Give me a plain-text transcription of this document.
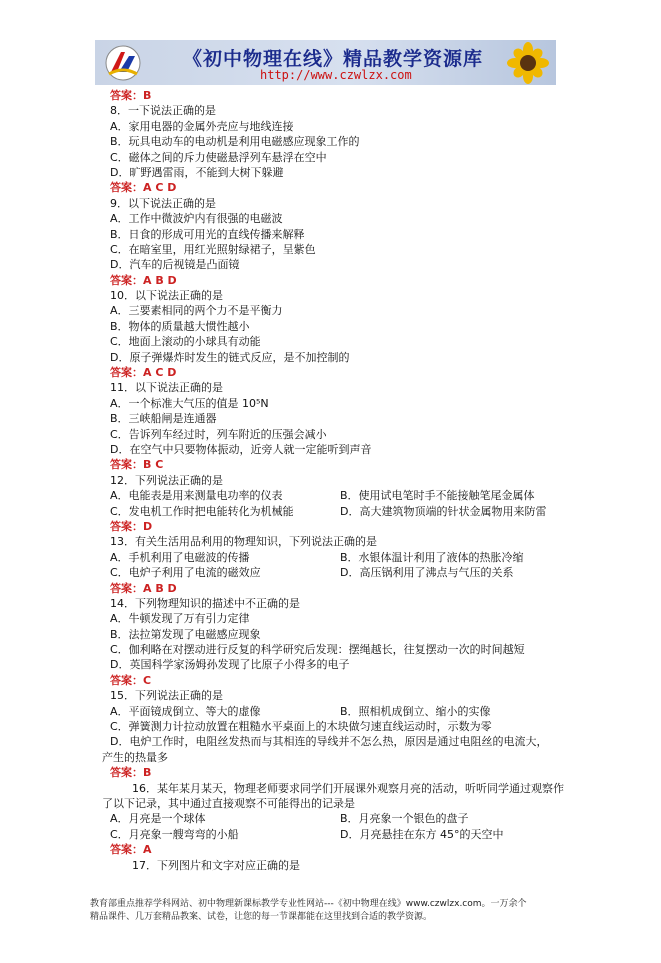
《初中物理在线》精品教学资源库
http://www.czwlzx.com
答案：B
8．一下说法正确的是
A．家用电器的金属外壳应与地线连接
B．玩具电动车的电动机是利用电磁感应现象工作的
C．磁体之间的斥力使磁悬浮列车悬浮在空中
D．旷野遇雷雨，不能到大树下躲避
答案：A C D
9．以下说法正确的是
A．工作中微波炉内有很强的电磁波
B．日食的形成可用光的直线传播来解释
C．在暗室里，用红光照射绿裙子，呈紫色
D．汽车的后视镜是凸面镜
答案：A B D
10．以下说法正确的是
A．三要素相同的两个力不是平衡力
B．物体的质量越大惯性越小
C．地面上滚动的小球具有动能
D．原子弹爆炸时发生的链式反应，是不加控制的
答案：A C D
11．以下说法正确的是
A．一个标准大气压的值是 10⁵N
B．三峡船闸是连通器
C．告诉列车经过时，列车附近的压强会减小
D．在空气中只要物体振动，近旁人就一定能听到声音
答案：B C
12．下列说法正确的是
A．电能表是用来测量电功率的仪表	B．使用试电笔时手不能接触笔尾金属体
C．发电机工作时把电能转化为机械能	D．高大建筑物顶端的针状金属物用来防雷
答案：D
13．有关生活用品利用的物理知识，下列说法正确的是
A．手机利用了电磁波的传播	B．水银体温计利用了液体的热胀冷缩
C．电炉子利用了电流的磁效应	D．高压锅利用了沸点与气压的关系
答案：A B D
14．下列物理知识的描述中不正确的是
A．牛顿发现了万有引力定律
B．法拉第发现了电磁感应现象
C．伽利略在对摆动进行反复的科学研究后发现：摆绳越长，往复摆动一次的时间越短
D．英国科学家汤姆孙发现了比原子小得多的电子
答案：C
15．下列说法正确的是
A．平面镜成倒立、等大的虚像	B．照相机成倒立、缩小的实像
C．弹簧测力计拉动放置在粗糙水平桌面上的木块做匀速直线运动时，示数为零
D．电炉工作时，电阻丝发热而与其相连的导线并不怎么热，原因是通过电阻丝的电流大，
产生的热量多
答案：B
　　16．某年某月某天，物理老师要求同学们开展课外观察月亮的活动，听听同学通过观察作
了以下记录，其中通过直接观察不可能得出的记录是
A．月亮是一个球体	B．月亮象一个银色的盘子
C．月亮象一艘弯弯的小船	D．月亮悬挂在东方 45°的天空中
答案：A
　　17．下列图片和文字对应正确的是
教育部重点推荐学科网站、初中物理新课标教学专业性网站---《初中物理在线》www.czwlzx.com。一万余个
精品课件、几万套精品教案、试卷，让您的每一节课都能在这里找到合适的教学资源。
